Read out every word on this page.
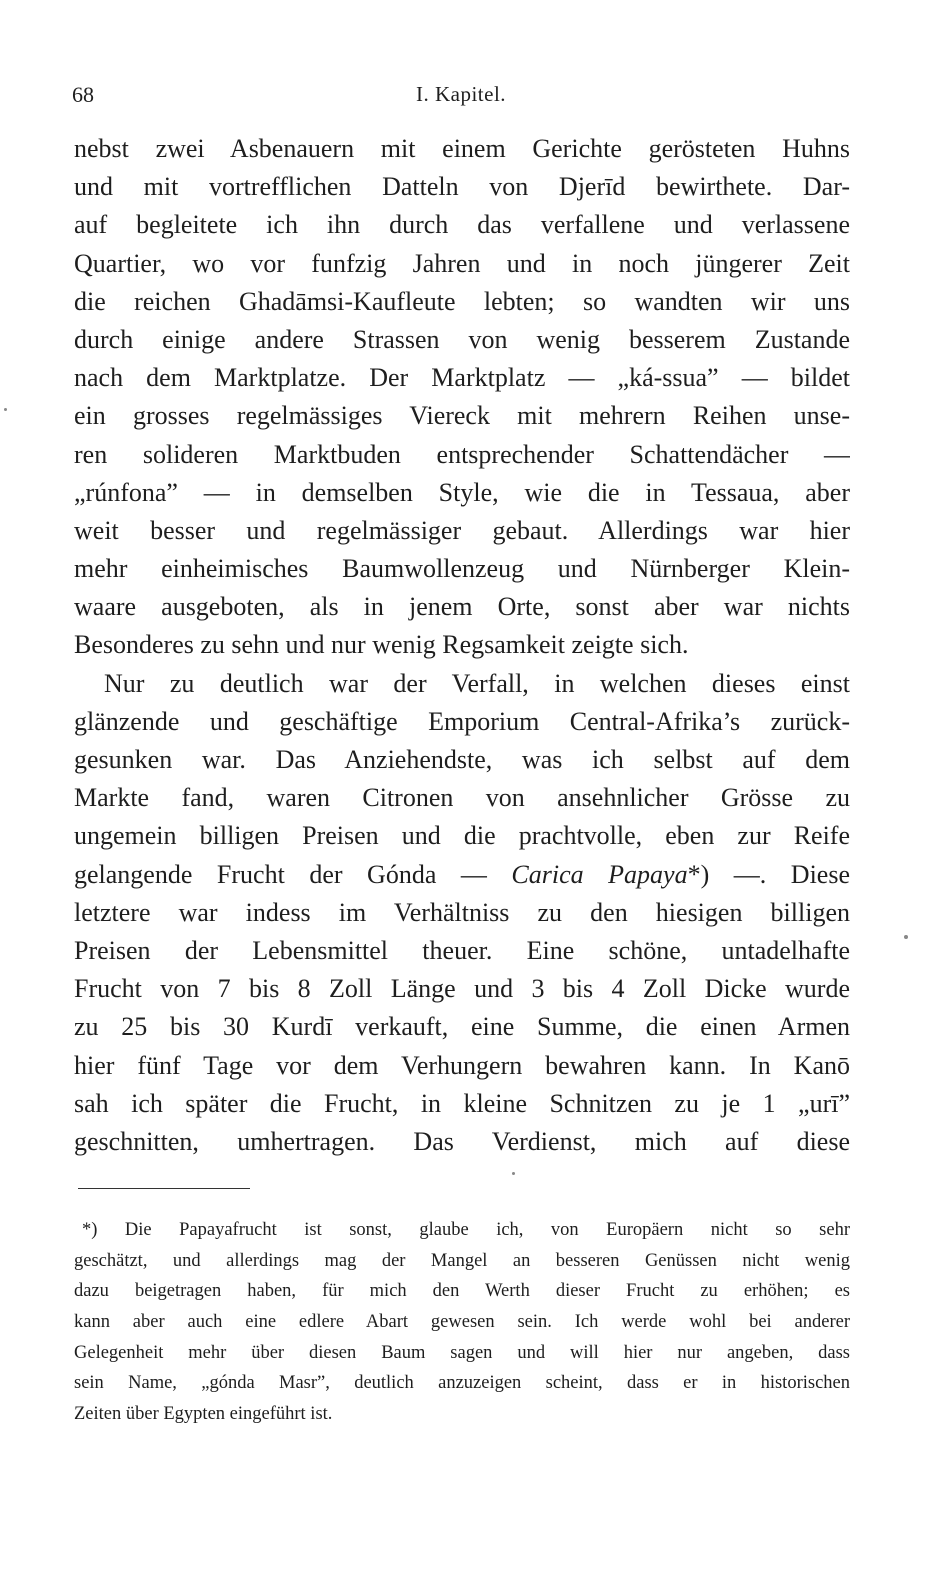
68	I. Kapitel.
nebst zwei Asbenauern mit einem Gerichte gerösteten Huhns
und mit vortrefflichen Datteln von Djerīd bewirthete. Dar-
auf begleitete ich ihn durch das verfallene und verlassene
Quartier, wo vor funfzig Jahren und in noch jüngerer Zeit
die reichen Ghadāmsi-Kaufleute lebten; so wandten wir uns
durch einige andere Strassen von wenig besserem Zustande
nach dem Marktplatze. Der Marktplatz — „ká-ssua” — bildet
ein grosses regelmässiges Viereck mit mehrern Reihen unse-
ren solideren Marktbuden entsprechender Schattendächer —
„rúnfona” — in demselben Style, wie die in Tessaua, aber
weit besser und regelmässiger gebaut. Allerdings war hier
mehr einheimisches Baumwollenzeug und Nürnberger Klein-
waare ausgeboten, als in jenem Orte, sonst aber war nichts
Besonderes zu sehn und nur wenig Regsamkeit zeigte sich.
Nur zu deutlich war der Verfall, in welchen dieses einst
glänzende und geschäftige Emporium Central-Afrika’s zurück-
gesunken war. Das Anziehendste, was ich selbst auf dem
Markte fand, waren Citronen von ansehnlicher Grösse zu
ungemein billigen Preisen und die prachtvolle, eben zur Reife
gelangende Frucht der Gónda — Carica Papaya*) —. Diese
letztere war indess im Verhältniss zu den hiesigen billigen
Preisen der Lebensmittel theuer. Eine schöne, untadelhafte
Frucht von 7 bis 8 Zoll Länge und 3 bis 4 Zoll Dicke wurde
zu 25 bis 30 Kurdī verkauft, eine Summe, die einen Armen
hier fünf Tage vor dem Verhungern bewahren kann. In Kanō
sah ich später die Frucht, in kleine Schnitzen zu je 1 „urī”
geschnitten, umhertragen. Das Verdienst, mich auf diese
*) Die Papayafrucht ist sonst, glaube ich, von Europäern nicht so sehr
geschätzt, und allerdings mag der Mangel an besseren Genüssen nicht wenig
dazu beigetragen haben, für mich den Werth dieser Frucht zu erhöhen; es
kann aber auch eine edlere Abart gewesen sein. Ich werde wohl bei anderer
Gelegenheit mehr über diesen Baum sagen und will hier nur angeben, dass
sein Name, „gónda Masr”, deutlich anzuzeigen scheint, dass er in historischen
Zeiten über Egypten eingeführt ist.
